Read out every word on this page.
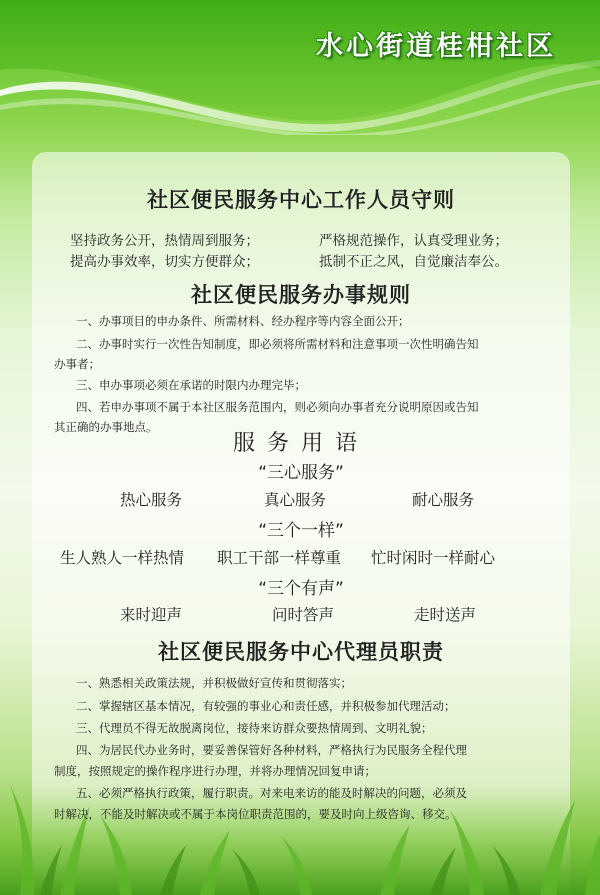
水心街道桂柑社区
社区便民服务中心工作人员守则
坚持政务公开，热情周到服务；	严格规范操作，认真受理业务；
提高办事效率，切实方便群众；	抵制不正之风，自觉廉洁奉公。
社区便民服务办事规则
一、办事项目的申办条件、所需材料、经办程序等内容全面公开；
二、办事时实行一次性告知制度，即必须将所需材料和注意事项一次性明确告知
办事者；
三、申办事项必须在承诺的时限内办理完毕；
四、若申办事项不属于本社区服务范围内，则必须向办事者充分说明原因或告知
其正确的办事地点。
服务用语
“三心服务”
热心服务	真心服务	耐心服务
“三个一样”
生人熟人一样热情 职工干部一样尊重 忙时闲时一样耐心
“三个有声”
来时迎声	问时答声	走时送声
社区便民服务中心代理员职责
一、熟悉相关政策法规，并积极做好宣传和贯彻落实；
二、掌握辖区基本情况，有较强的事业心和责任感，并积极参加代理活动；
三、代理员不得无故脱离岗位，接待来访群众要热情周到、文明礼貌；
四、为居民代办业务时，要妥善保管好各种材料，严格执行为民服务全程代理
制度，按照规定的操作程序进行办理，并将办理情况回复申请；
五、必须严格执行政策，履行职责。对来电来访的能及时解决的问题，必须及
时解决，不能及时解决或不属于本岗位职责范围的，要及时向上级咨询、移交。
